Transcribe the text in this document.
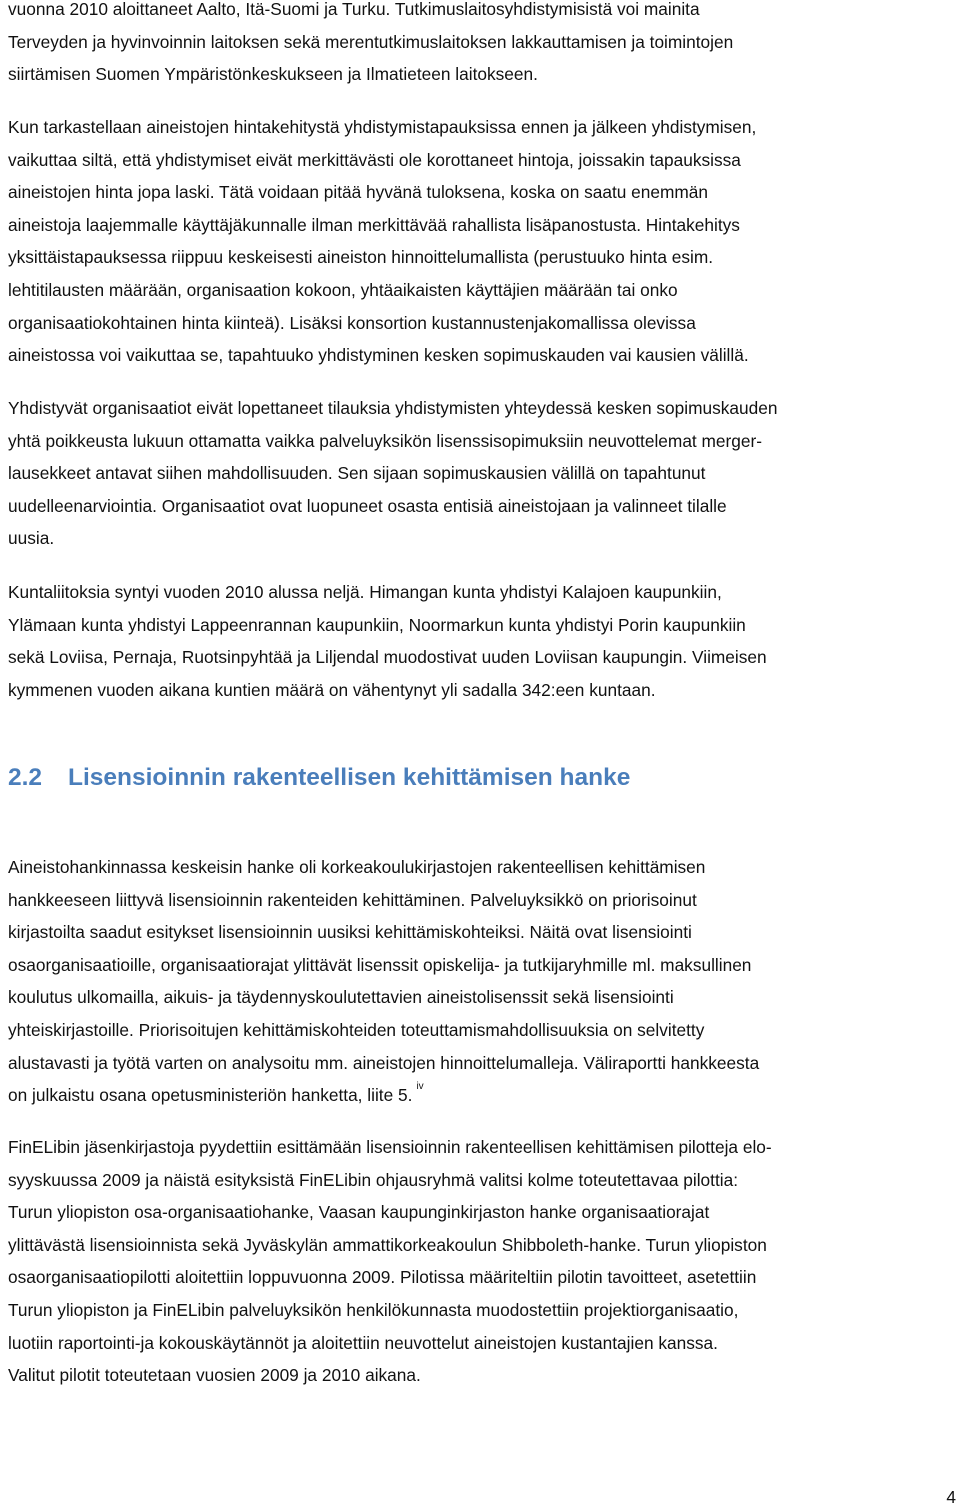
vuonna 2010 aloittaneet Aalto, Itä-Suomi ja Turku. Tutkimuslaitosyhdistymisistä voi mainita
Terveyden ja hyvinvoinnin laitoksen sekä merentutkimuslaitoksen lakkauttamisen ja toimintojen
siirtämisen Suomen Ympäristönkeskukseen ja Ilmatieteen laitokseen.

Kun tarkastellaan aineistojen hintakehitystä yhdistymistapauksissa ennen ja jälkeen yhdistymisen,
vaikuttaa siltä, että yhdistymiset eivät merkittävästi ole korottaneet hintoja, joissakin tapauksissa
aineistojen hinta jopa laski. Tätä voidaan pitää hyvänä tuloksena, koska on saatu enemmän
aineistoja laajemmalle käyttäjäkunnalle ilman merkittävää rahallista lisäpanostusta. Hintakehitys
yksittäistapauksessa riippuu keskeisesti aineiston hinnoittelumallista (perustuuko hinta esim.
lehtitilausten määrään, organisaation kokoon, yhtäaikaisten käyttäjien määrään tai onko
organisaatiokohtainen hinta kiinteä). Lisäksi konsortion kustannustenjakomallissa olevissa
aineistossa voi vaikuttaa se, tapahtuuko yhdistyminen kesken sopimuskauden vai kausien välillä.

Yhdistyvät organisaatiot eivät lopettaneet tilauksia yhdistymisten yhteydessä kesken sopimuskauden
yhtä poikkeusta lukuun ottamatta vaikka palveluyksikön lisenssisopimuksiin neuvottelemat merger-
lausekkeet antavat siihen mahdollisuuden. Sen sijaan sopimuskausien välillä on tapahtunut
uudelleenarviointia. Organisaatiot ovat luopuneet osasta entisiä aineistojaan ja valinneet tilalle
uusia.

Kuntaliitoksia syntyi vuoden 2010 alussa neljä. Himangan kunta yhdistyi Kalajoen kaupunkiin,
Ylämaan kunta yhdistyi Lappeenrannan kaupunkiin, Noormarkun kunta yhdistyi Porin kaupunkiin
sekä Loviisa, Pernaja, Ruotsinpyhtää ja Liljendal muodostivat uuden Loviisan kaupungin. Viimeisen
kymmenen vuoden aikana kuntien määrä on vähentynyt yli sadalla 342:een kuntaan.

2.2 Lisensioinnin rakenteellisen kehittämisen hanke

Aineistohankinnassa keskeisin hanke oli korkeakoulukirjastojen rakenteellisen kehittämisen
hankkeeseen liittyvä lisensioinnin rakenteiden kehittäminen. Palveluyksikkö on priorisoinut
kirjastoilta saadut esitykset lisensioinnin uusiksi kehittämiskohteiksi. Näitä ovat lisensiointi
osaorganisaatioille, organisaatiorajat ylittävät lisenssit opiskelija- ja tutkijaryhmille ml. maksullinen
koulutus ulkomailla, aikuis- ja täydennyskoulutettavien aineistolisenssit sekä lisensiointi
yhteiskirjastoille. Priorisoitujen kehittämiskohteiden toteuttamismahdollisuuksia on selvitetty
alustavasti ja työtä varten on analysoitu mm. aineistojen hinnoittelumalleja. Väliraportti hankkeesta
on julkaistu osana opetusministeriön hanketta, liite 5. $^{iv}$

FinELibin jäsenkirjastoja pyydettiin esittämään lisensioinnin rakenteellisen kehittämisen pilotteja elo-
syyskuussa 2009 ja näistä esityksistä FinELibin ohjausryhmä valitsi kolme toteutettavaa pilottia:
Turun yliopiston osa-organisaatiohanke, Vaasan kaupunginkirjaston hanke organisaatiorajat
ylittävästä lisensioinnista sekä Jyväskylän ammattikorkeakoulun Shibboleth-hanke. Turun yliopiston
osaorganisaatiopilotti aloitettiin loppuvuonna 2009. Pilotissa määriteltiin pilotin tavoitteet, asetettiin
Turun yliopiston ja FinELibin palveluyksikön henkilökunnasta muodostettiin projektiorganisaatio,
luotiin raportointi-ja kokouskäytännöt ja aloitettiin neuvottelut aineistojen kustantajien kanssa.
Valitut pilotit toteutetaan vuosien 2009 ja 2010 aikana.

4
